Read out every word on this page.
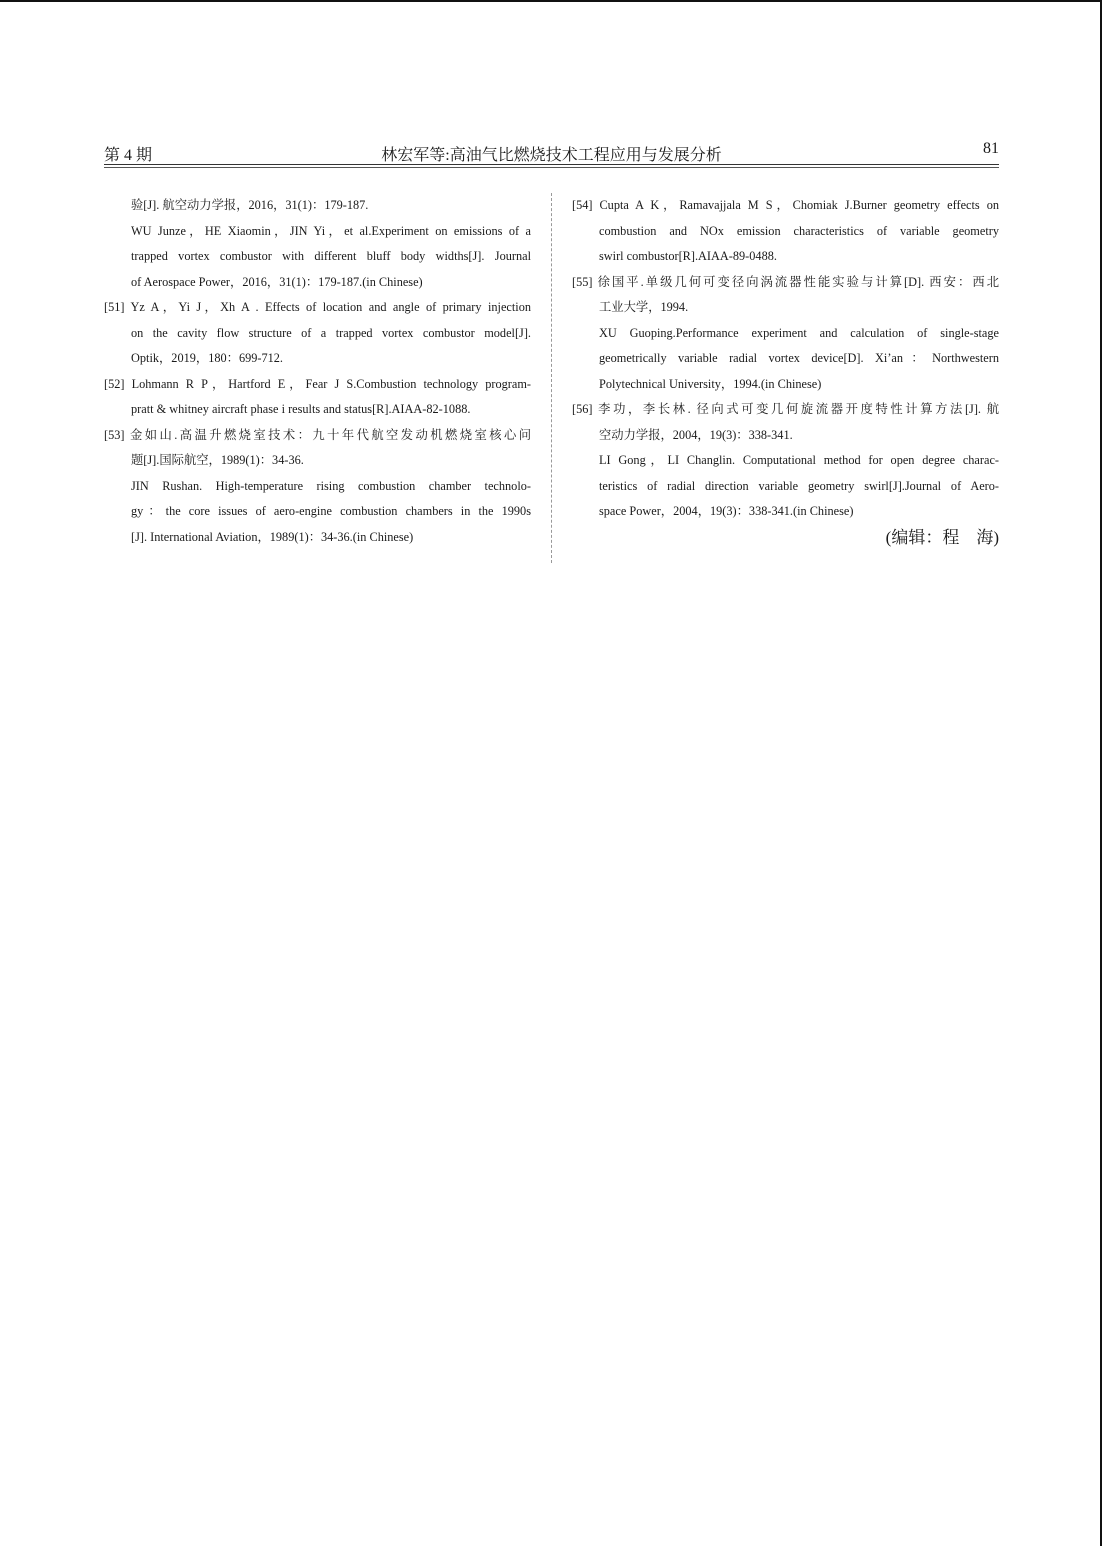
第 4 期	林宏军等:高油气比燃烧技术工程应用与发展分析	81
验[J]. 航空动力学报，2016，31(1)：179-187.
WU Junze，HE Xiaomin，JIN Yi，et al.Experiment on emissions of a
trapped vortex combustor with different bluff body widths[J]. Journal
of Aerospace Power，2016，31(1)：179-187.(in Chinese)
[51] Yz A，Yi J，Xh A . Effects of location and angle of primary injection
on the cavity flow structure of a trapped vortex combustor model[J].
Optik，2019，180：699-712.
[52] Lohmann R P，Hartford E，Fear J S.Combustion technology program-
pratt & whitney aircraft phase i results and status[R].AIAA-82-1088.
[53] 金如山.高温升燃烧室技术：九十年代航空发动机燃烧室核心问
题[J].国际航空，1989(1)：34-36.
JIN Rushan. High-temperature rising combustion chamber technolo-
gy：the core issues of aero-engine combustion chambers in the 1990s
[J]. International Aviation，1989(1)：34-36.(in Chinese)
[54] Cupta A K，Ramavajjala M S，Chomiak J.Burner geometry effects on
combustion and NOx emission characteristics of variable geometry
swirl combustor[R].AIAA-89-0488.
[55] 徐国平.单级几何可变径向涡流器性能实验与计算[D]. 西安：西北
工业大学，1994.
XU Guoping.Performance experiment and calculation of single-stage
geometrically variable radial vortex device[D]. Xi’an：Northwestern
Polytechnical University，1994.(in Chinese)
[56] 李功，李长林. 径向式可变几何旋流器开度特性计算方法[J]. 航
空动力学报，2004，19(3)：338-341.
LI Gong，LI Changlin. Computational method for open degree charac-
teristics of radial direction variable geometry swirl[J].Journal of Aero-
space Power，2004，19(3)：338-341.(in Chinese)
(编辑：程　海)
